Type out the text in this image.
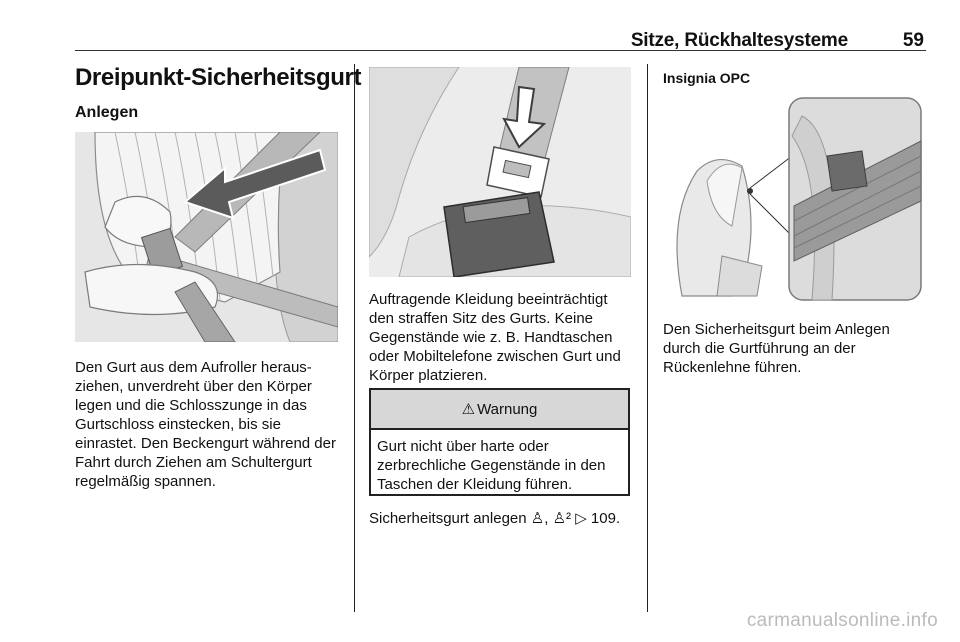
Sitze, Rückhaltesysteme	59
Dreipunkt-Sicherheitsgurt
Anlegen
Den Gurt aus dem Aufroller herausziehen, unverdreht über den Körper legen und die Schlosszunge in das Gurtschloss einstecken, bis sie einrastet. Den Beckengurt während der Fahrt durch Ziehen am Schultergurt regelmäßig spannen.
Auftragende Kleidung beeinträchtigt den straffen Sitz des Gurts. Keine Gegenstände wie z. B. Handtaschen oder Mobiltelefone zwischen Gurt und Körper platzieren.
⚠ Warnung
Gurt nicht über harte oder zerbrechliche Gegenstände in den Taschen der Kleidung führen.
Sicherheitsgurt anlegen ♙, ♙² ▷ 109.
Insignia OPC
Den Sicherheitsgurt beim Anlegen durch die Gurtführung an der Rückenlehne führen.
carmanualsonline.info
